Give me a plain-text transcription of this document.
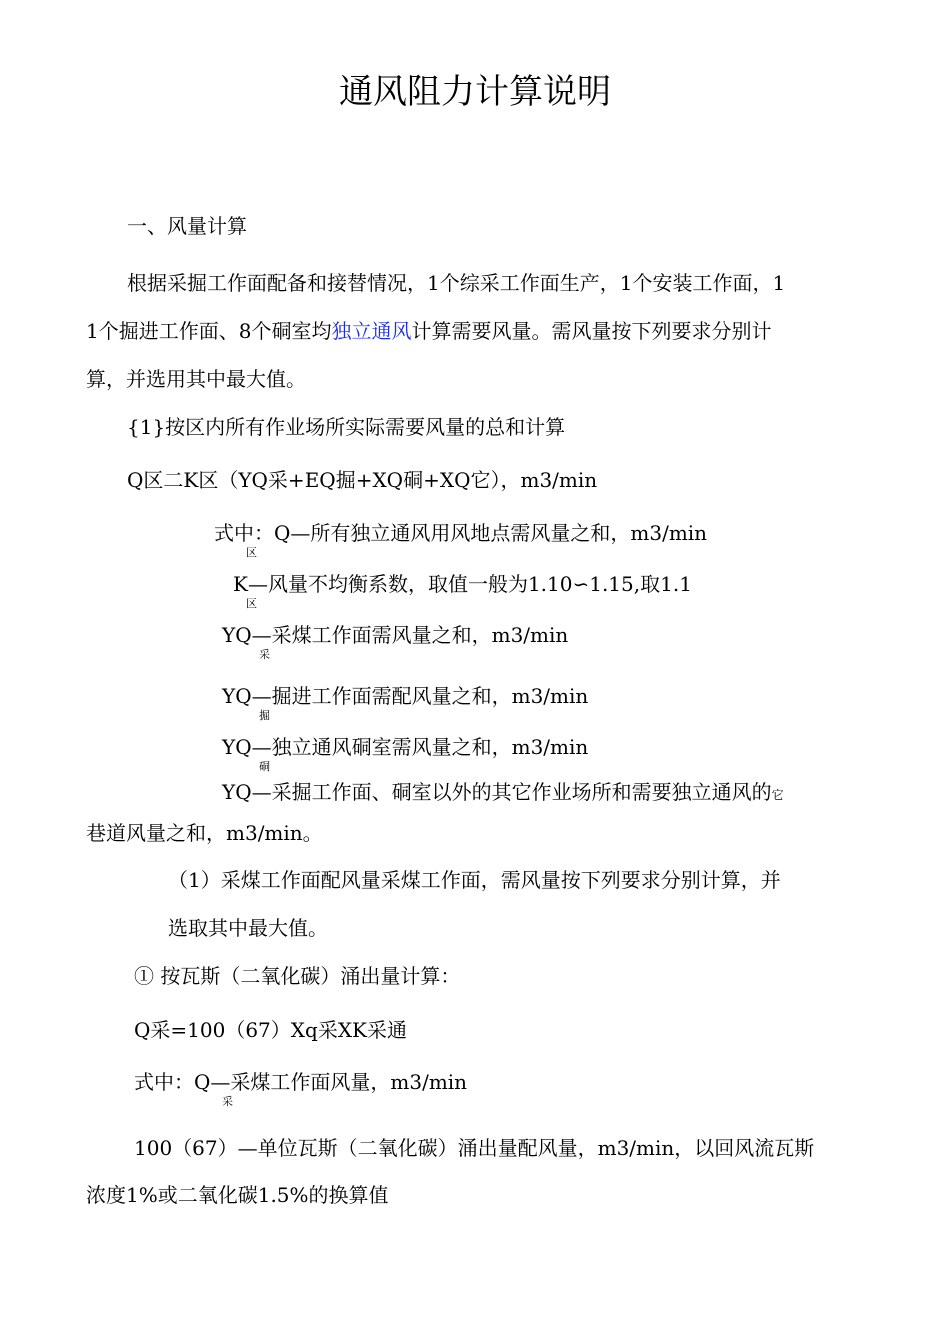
通风阻力计算说明
一、风量计算
根据采掘工作面配备和接替情况，1个综采工作面生产，1个安装工作面，1
1个掘进工作面、8个硐室均独立通风计算需要风量。需风量按下列要求分别计
算，并选用其中最大值。
{1}按区内所有作业场所实际需要风量的总和计算
Q区二K区（YQ采+EQ掘+XQ硐+XQ它），m3/min
式中：Q—所有独立通风用风地点需风量之和，m3/min
区
K—风量不均衡系数，取值一般为1.10∽1.15,取1.1
区
YQ—采煤工作面需风量之和，m3/min
采
YQ—掘进工作面需配风量之和，m3/min
掘
YQ—独立通风硐室需风量之和，m3/min
硐
YQ—采掘工作面、硐室以外的其它作业场所和需要独立通风的它
巷道风量之和，m3/min。
（1）采煤工作面配风量采煤工作面，需风量按下列要求分别计算，并
选取其中最大值。
① 按瓦斯（二氧化碳）涌出量计算：
Q采=100（67）Xq采XK采通
式中：Q—采煤工作面风量，m3/min
采
100（67）—单位瓦斯（二氧化碳）涌出量配风量，m3/min，以回风流瓦斯
浓度1%或二氧化碳1.5%的换算值
